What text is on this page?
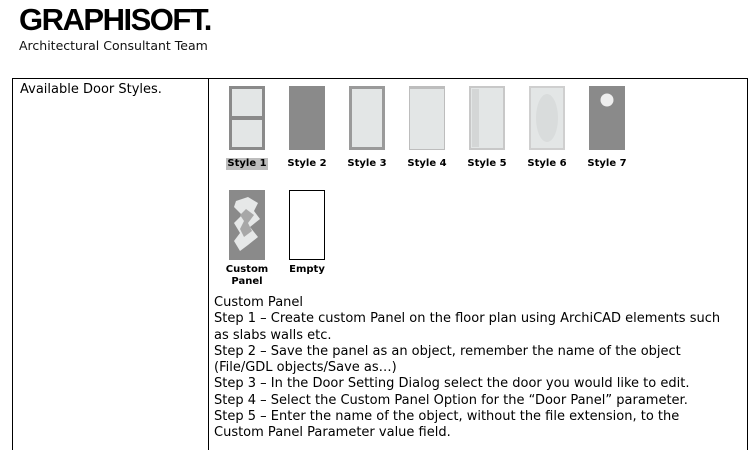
GRAPHISOFT.
Architectural Consultant Team
Available Door Styles.
Style 1	Style 2	Style 3	Style 4	Style 5	Style 6	Style 7
Custom
Panel
Empty
Custom Panel
Step 1 – Create custom Panel on the floor plan using ArchiCAD elements such
as slabs walls etc.
Step 2 – Save the panel as an object, remember the name of the object
(File/GDL objects/Save as…)
Step 3 – In the Door Setting Dialog select the door you would like to edit.
Step 4 – Select the Custom Panel Option for the “Door Panel” parameter.
Step 5 – Enter the name of the object, without the file extension, to the
Custom Panel Parameter value field.
